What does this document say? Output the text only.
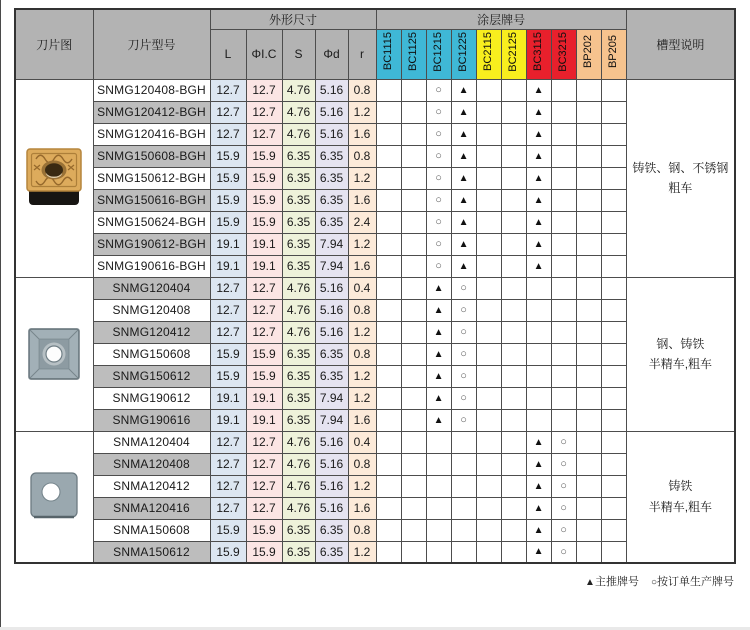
刀片图	刀片型号	外形尺寸					涂层牌号										槽型说明
		L	ΦI.C	S	Φd	r	BC1115	BC1125	BC1215	BC1225	BC2115	BC2125	BC3115	BC3215	BP202	BP205	

	SNMG120408-BGH	12.7	12.7	4.76	5.16	0.8			○	▲			▲				铸铁、钢、不锈钢
粗车

	SNMG120412-BGH	12.7	12.7	4.76	5.16	1.2			○	▲			▲				
	SNMG120416-BGH	12.7	12.7	4.76	5.16	1.6			○	▲			▲				
	SNMG150608-BGH	15.9	15.9	6.35	6.35	0.8			○	▲			▲				
	SNMG150612-BGH	15.9	15.9	6.35	6.35	1.2			○	▲			▲				
	SNMG150616-BGH	15.9	15.9	6.35	6.35	1.6			○	▲			▲				
	SNMG150624-BGH	15.9	15.9	6.35	6.35	2.4			○	▲			▲				
	SNMG190612-BGH	19.1	19.1	6.35	7.94	1.2			○	▲			▲				
	SNMG190616-BGH	19.1	19.1	6.35	7.94	1.6			○	▲			▲				

	SNMG120404	12.7	12.7	4.76	5.16	0.4			▲	○							钢、铸铁
半精车,粗车

	SNMG120408	12.7	12.7	4.76	5.16	0.8			▲	○							
	SNMG120412	12.7	12.7	4.76	5.16	1.2			▲	○							
	SNMG150608	15.9	15.9	6.35	6.35	0.8			▲	○							
	SNMG150612	15.9	15.9	6.35	6.35	1.2			▲	○							
	SNMG190612	19.1	19.1	6.35	7.94	1.2			▲	○							
	SNMG190616	19.1	19.1	6.35	7.94	1.6			▲	○							

	SNMA120404	12.7	12.7	4.76	5.16	0.4							▲	○			铸铁
半精车,粗车

	SNMA120408	12.7	12.7	4.76	5.16	0.8							▲	○			
	SNMA120412	12.7	12.7	4.76	5.16	1.2							▲	○			
	SNMA120416	12.7	12.7	4.76	5.16	1.6							▲	○			
	SNMA150608	15.9	15.9	6.35	6.35	0.8							▲	○			
	SNMA150612	15.9	15.9	6.35	6.35	1.2							▲	○			
▲主推牌号 ○按订单生产牌号
